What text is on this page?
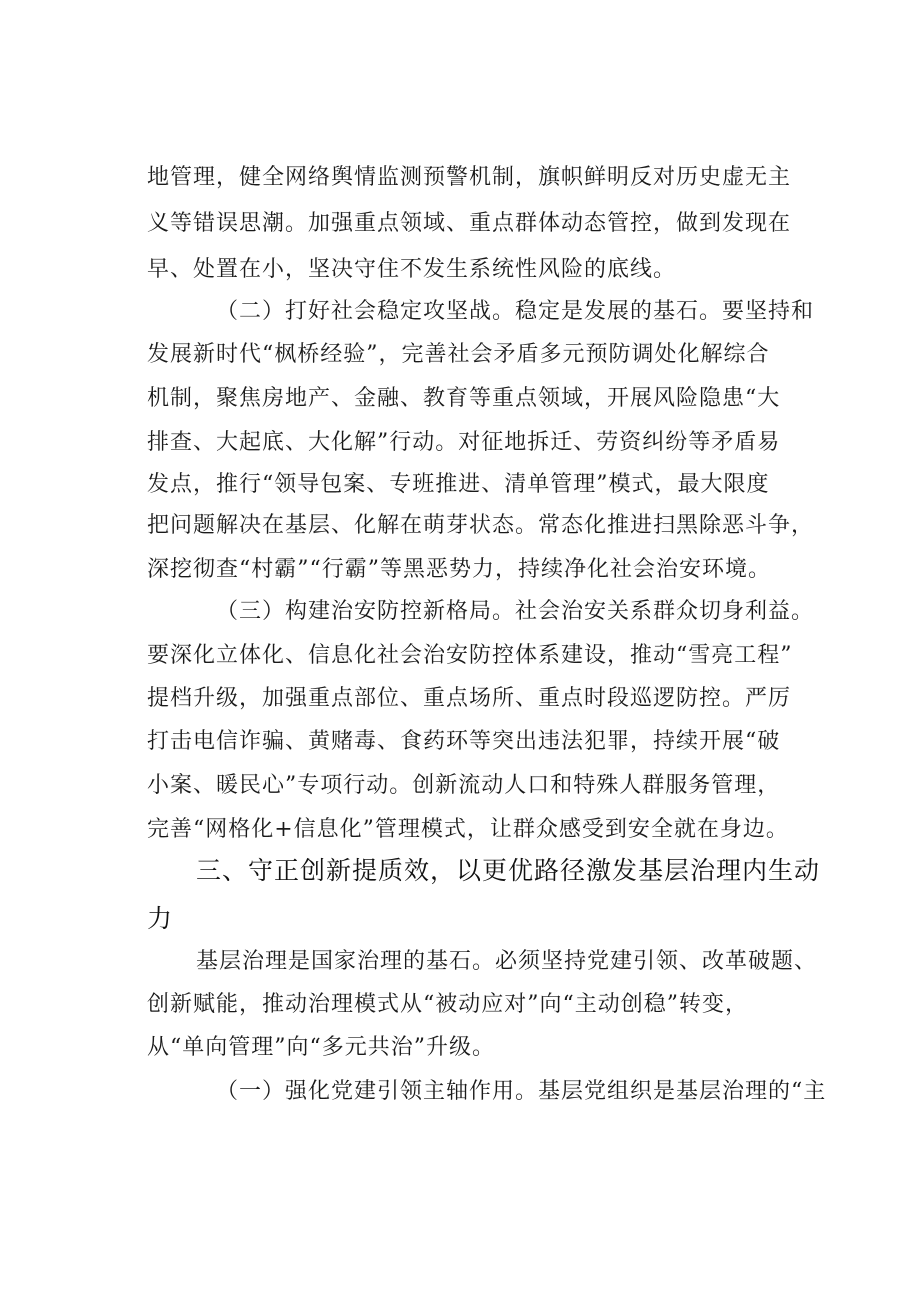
地管理，健全网络舆情监测预警机制，旗帜鲜明反对历史虚无主
义等错误思潮。加强重点领域、重点群体动态管控，做到发现在
早、处置在小，坚决守住不发生系统性风险的底线。
（二）打好社会稳定攻坚战。稳定是发展的基石。要坚持和
发展新时代“枫桥经验”，完善社会矛盾多元预防调处化解综合
机制，聚焦房地产、金融、教育等重点领域，开展风险隐患“大
排查、大起底、大化解”行动。对征地拆迁、劳资纠纷等矛盾易
发点，推行“领导包案、专班推进、清单管理”模式，最大限度
把问题解决在基层、化解在萌芽状态。常态化推进扫黑除恶斗争，
深挖彻查“村霸”“行霸”等黑恶势力，持续净化社会治安环境。
（三）构建治安防控新格局。社会治安关系群众切身利益。
要深化立体化、信息化社会治安防控体系建设，推动“雪亮工程”
提档升级，加强重点部位、重点场所、重点时段巡逻防控。严厉
打击电信诈骗、黄赌毒、食药环等突出违法犯罪，持续开展“破
小案、暖民心”专项行动。创新流动人口和特殊人群服务管理，
完善“网格化+信息化”管理模式，让群众感受到安全就在身边。
三、守正创新提质效，以更优路径激发基层治理内生动
力
基层治理是国家治理的基石。必须坚持党建引领、改革破题、
创新赋能，推动治理模式从“被动应对”向“主动创稳”转变，
从“单向管理”向“多元共治”升级。
（一）强化党建引领主轴作用。基层党组织是基层治理的“主
